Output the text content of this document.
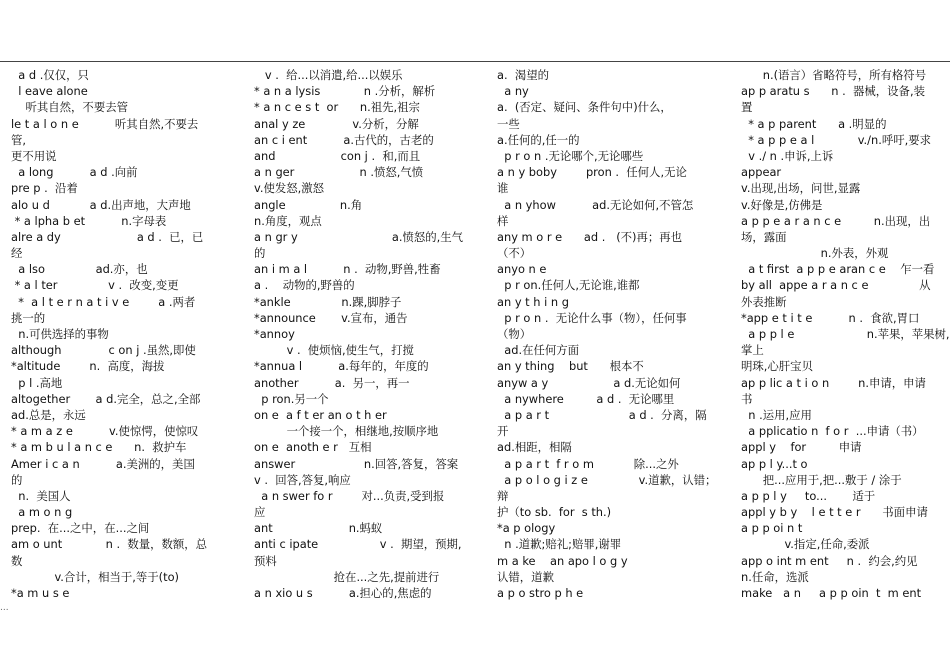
a d .仅仅，只
l eave alone
听其自然，不要去管
le t a l o n e          听其自然,不要去
管,
更不用说
a long          a d .向前
pre p .  沿着
alo u d           a d.出声地，大声地
* a lpha b et          n.字母表
alre a dy                     a d .  已，已
经
a lso              ad.亦，也
* a l ter              v .  改变,变更
*  a l t e r n a t i v e        a .两者
挑一的
n.可供选择的事物
although             c on j .虽然,即使
*altitude        n.  高度，海拔
p l .高地
altogether       a d.完全，总之,全部
ad.总是，永远
* a m a z e          v.使惊愕，使惊叹
* a m b u l a n c e      n.  救护车
Amer i c a n          a.美洲的，美国
的
n.  美国人
a m o n g
prep.  在...之中，在...之间
am o unt            n .  数量，数额，总
数
v.合计，相当于,等于(to)
*a m u s e
v .  给...以消遣,给...以娱乐
* a n a lysis            n .分析，解析
* a n c e s t  or      n.祖先,祖宗
anal y ze             v.分析，分解
an c i ent          a.古代的，古老的
and                  con j .  和,而且
a n ger                  n .愤怒,气愤
v.使发怒,激怒
angle               n.角
n.角度，观点
a n gr y                          a.愤怒的,生气
的
an i m a l          n .  动物,野兽,牲畜
a .    动物的,野兽的
*ankle              n.踝,脚脖子
*announce       v.宣布，通告
*annoy
v .  使烦恼,使生气，打搅
*annua l          a.每年的，年度的
another          a.  另一，再一
p ron.另一个
on e  a f t er an o t h er
一个接一个，相继地,按顺序地
on e  anoth e r   互相
answer                   n.回答,答复，答案
v .  回答,答复,响应
a n swer fo r        对...负责,受到报
应
ant                     n.蚂蚁
anti c ipate                 v .  期望，预期,
预料
抢在...之先,提前进行
a n xio u s          a.担心的,焦虑的
a.  渴望的
a ny
a.  (否定、疑问、条件句中)什么，
一些
a.任何的,任一的
p r o n .无论哪个,无论哪些
a n y boby        pron .  任何人,无论
谁
a n yhow          ad.无论如何,不管怎
样
any m o r e      ad .   (不)再；再也
（不）
anyo n e
p r on.任何人,无论谁,谁都
an y t h i n g
p r o n .  无论什么事（物），任何事
（物）
ad.在任何方面
an y thing    but      根本不
anyw a y                  a d.无论如何
a nywhere         a d .  无论哪里
a p a r t                      a d .  分离，隔
开
ad.相距，相隔
a p a r t  f r o m           除...之外
a p o l o g i z e              v.道歉，认错；
辩
护（to sb.  for  s th.)
*a p ology
n .道歉;赔礼;赔罪,谢罪
m a ke    an apo l o g y
认错，道歉
a p o stro p h e
n.(语言）省略符号，所有格符号
ap p aratu s      n .  器械，设备,装
置
* a p parent      a .明显的
* a p p e a l            v./n.呼吁,要求
v ./ n .申诉,上诉
appear
v.出现,出场，问世,显露
v.好像是,仿佛是
a p p e a r a n c e         n.出现，出
场，露面
n.外表，外观
a t first  a p p e aran c e    乍一看
by all  appe a r a n c e              从
外表推断
*app e t i t e          n .  食欲,胃口
a p p l e                    n.苹果，苹果树,
掌上
明珠,心肝宝贝
ap p lic a t i o n        n.申请，申请
书
n .运用,应用
a pplicatio n  f o r  ...申请（书）
appl y    for         申请
ap p l y...t o
把...应用于,把...敷于 / 涂于
a p p l y     to...       适于
appl y b y    l e t t e r      书面申请
a p p oi n t
v.指定,任命,委派
app o int m ent     n .  约会,约见
n.任命，选派
make   a n     a p p oin  t  m ent
...
